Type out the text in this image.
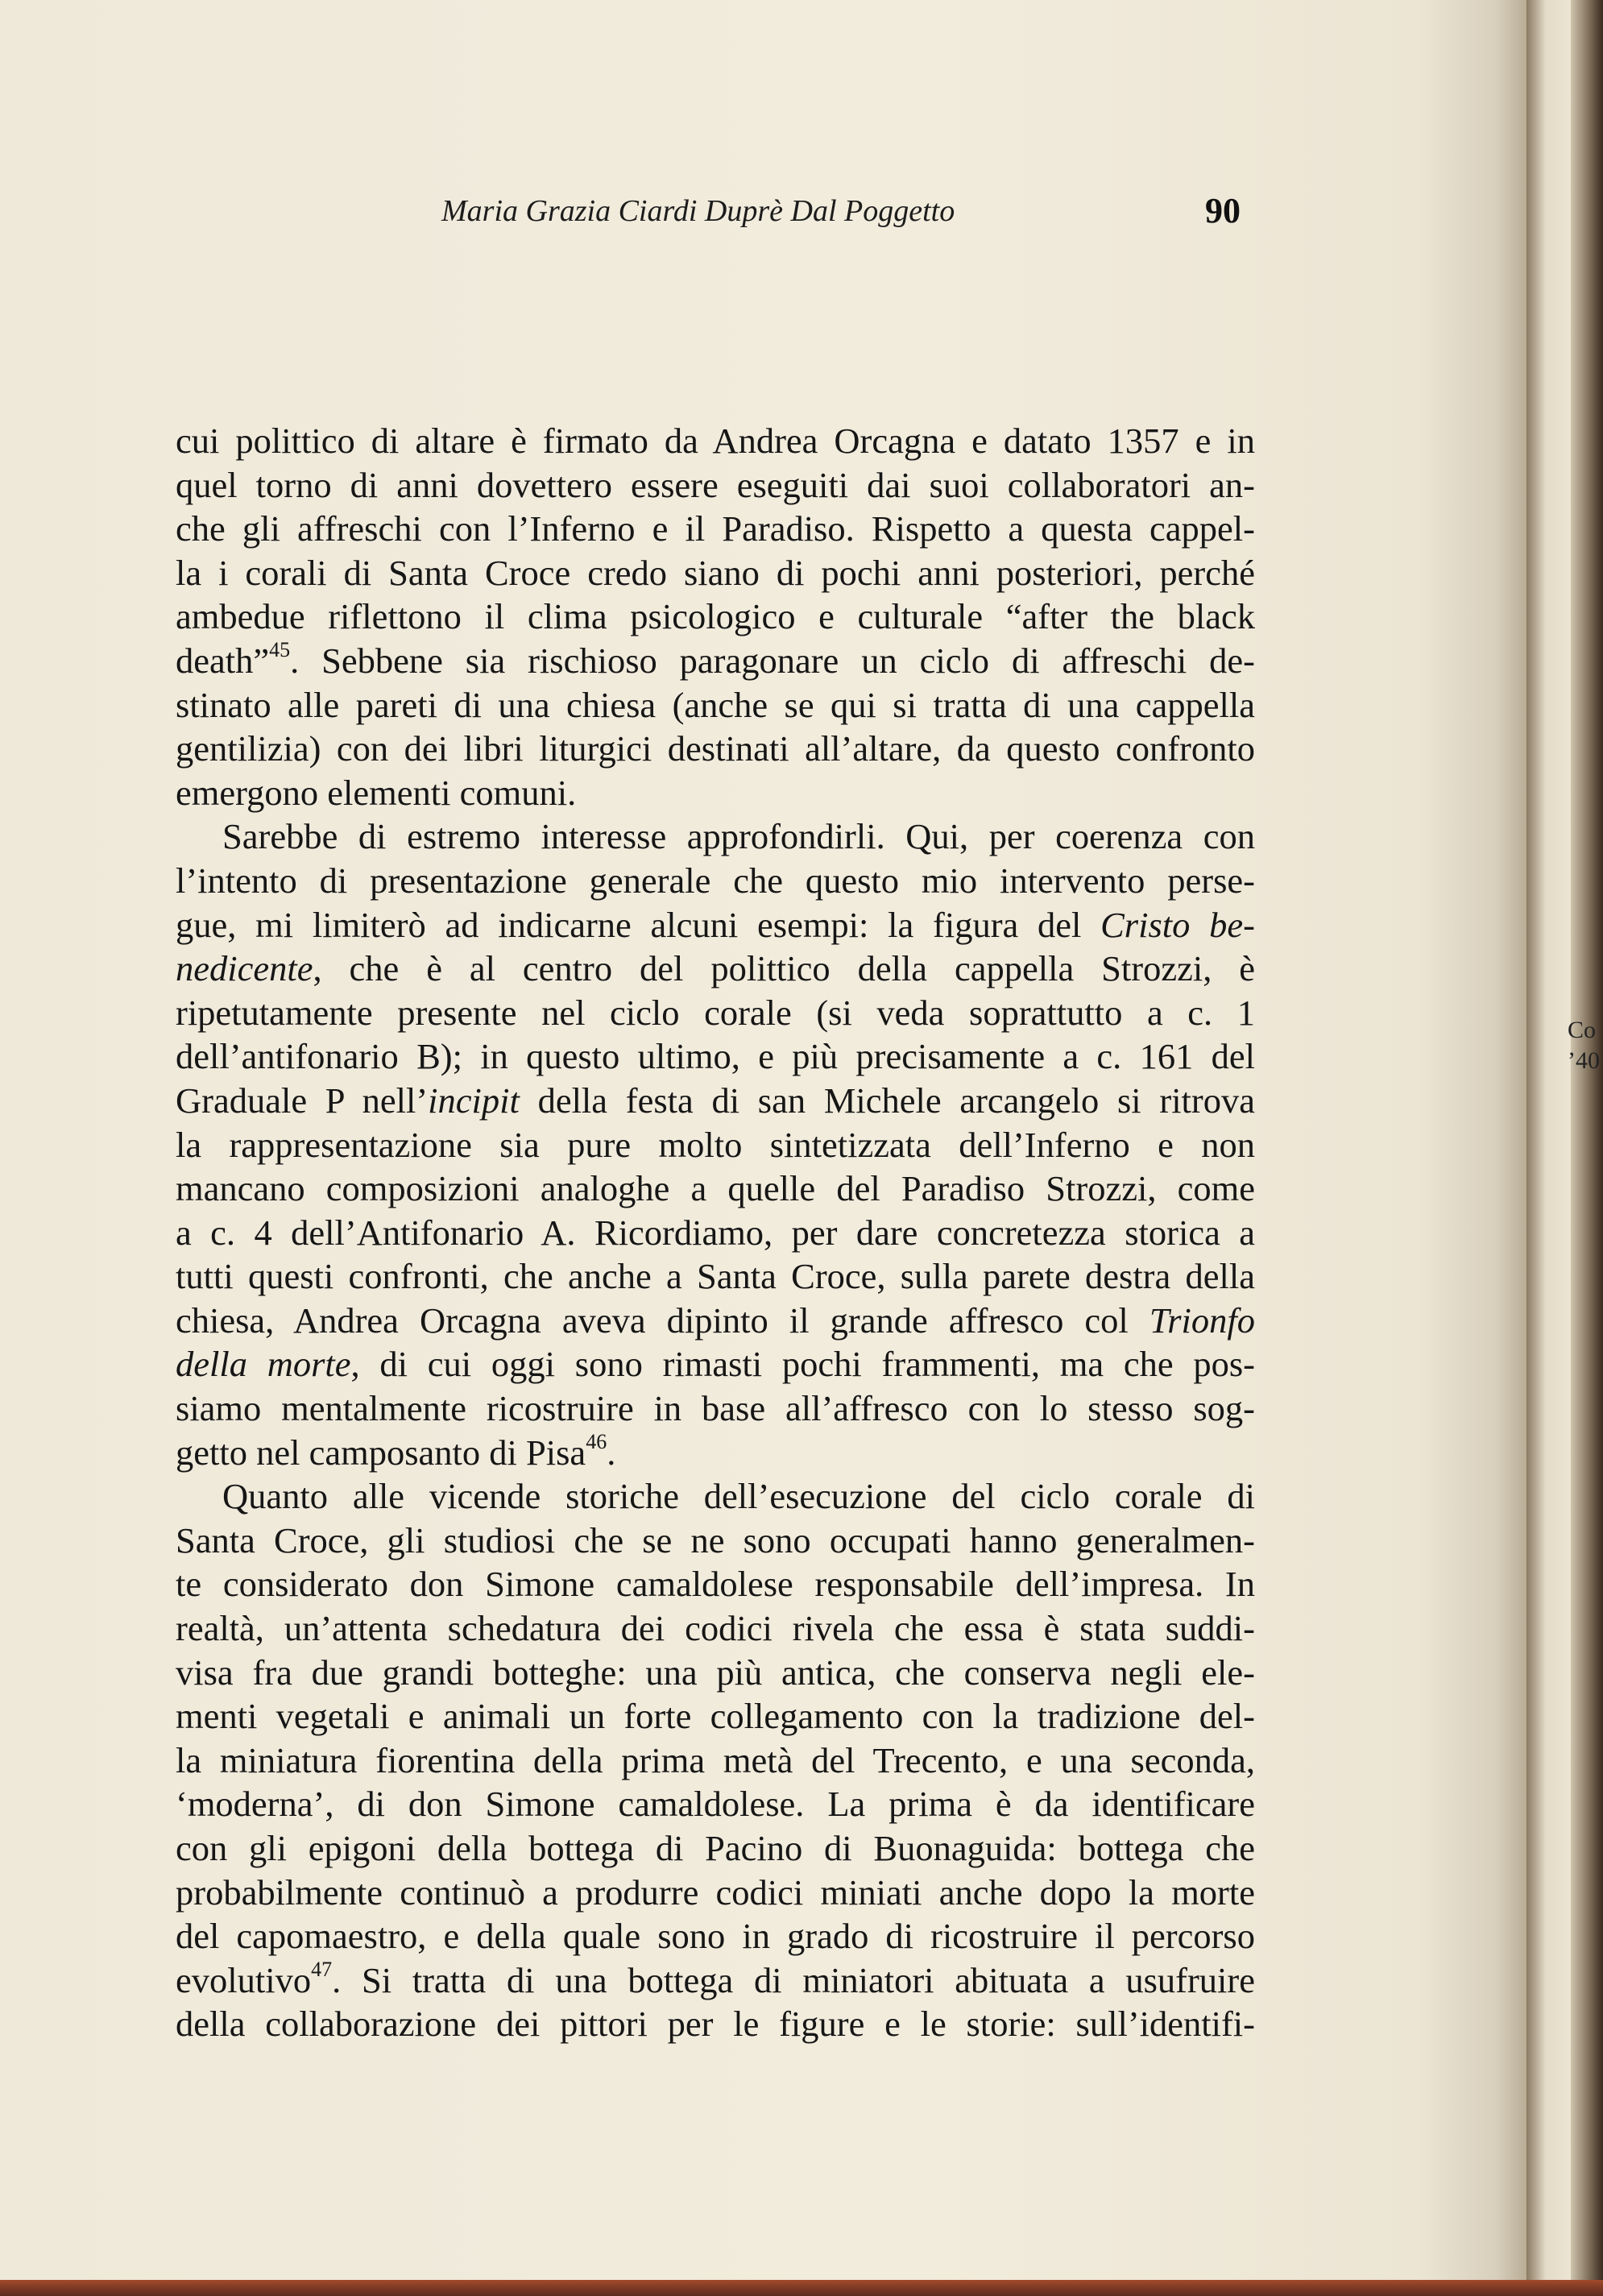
Maria Grazia Ciardi Duprè Dal Poggetto	90
cui polittico di altare è firmato da Andrea Orcagna e datato 1357 e in
quel torno di anni dovettero essere eseguiti dai suoi collaboratori an-
che gli affreschi con l’Inferno e il Paradiso. Rispetto a questa cappel-
la i corali di Santa Croce credo siano di pochi anni posteriori, perché
ambedue riflettono il clima psicologico e culturale “after the black
death”$^{45}$. Sebbene sia rischioso paragonare un ciclo di affreschi de-
stinato alle pareti di una chiesa (anche se qui si tratta di una cappella
gentilizia) con dei libri liturgici destinati all’altare, da questo confronto
emergono elementi comuni.
Sarebbe di estremo interesse approfondirli. Qui, per coerenza con
l’intento di presentazione generale che questo mio intervento perse-
gue, mi limiterò ad indicarne alcuni esempi: la figura del Cristo be-
nedicente, che è al centro del polittico della cappella Strozzi, è
ripetutamente presente nel ciclo corale (si veda soprattutto a c. 1
dell’antifonario B); in questo ultimo, e più precisamente a c. 161 del
Graduale P nell’incipit della festa di san Michele arcangelo si ritrova
la rappresentazione sia pure molto sintetizzata dell’Inferno e non
mancano composizioni analoghe a quelle del Paradiso Strozzi, come
a c. 4 dell’Antifonario A. Ricordiamo, per dare concretezza storica a
tutti questi confronti, che anche a Santa Croce, sulla parete destra della
chiesa, Andrea Orcagna aveva dipinto il grande affresco col Trionfo
della morte, di cui oggi sono rimasti pochi frammenti, ma che pos-
siamo mentalmente ricostruire in base all’affresco con lo stesso sog-
getto nel camposanto di Pisa$^{46}$.
Quanto alle vicende storiche dell’esecuzione del ciclo corale di
Santa Croce, gli studiosi che se ne sono occupati hanno generalmen-
te considerato don Simone camaldolese responsabile dell’impresa. In
realtà, un’attenta schedatura dei codici rivela che essa è stata suddi-
visa fra due grandi botteghe: una più antica, che conserva negli ele-
menti vegetali e animali un forte collegamento con la tradizione del-
la miniatura fiorentina della prima metà del Trecento, e una seconda,
‘moderna’, di don Simone camaldolese. La prima è da identificare
con gli epigoni della bottega di Pacino di Buonaguida: bottega che
probabilmente continuò a produrre codici miniati anche dopo la morte
del capomaestro, e della quale sono in grado di ricostruire il percorso
evolutivo$^{47}$. Si tratta di una bottega di miniatori abituata a usufruire
della collaborazione dei pittori per le figure e le storie: sull’identifi-
Co
’40
